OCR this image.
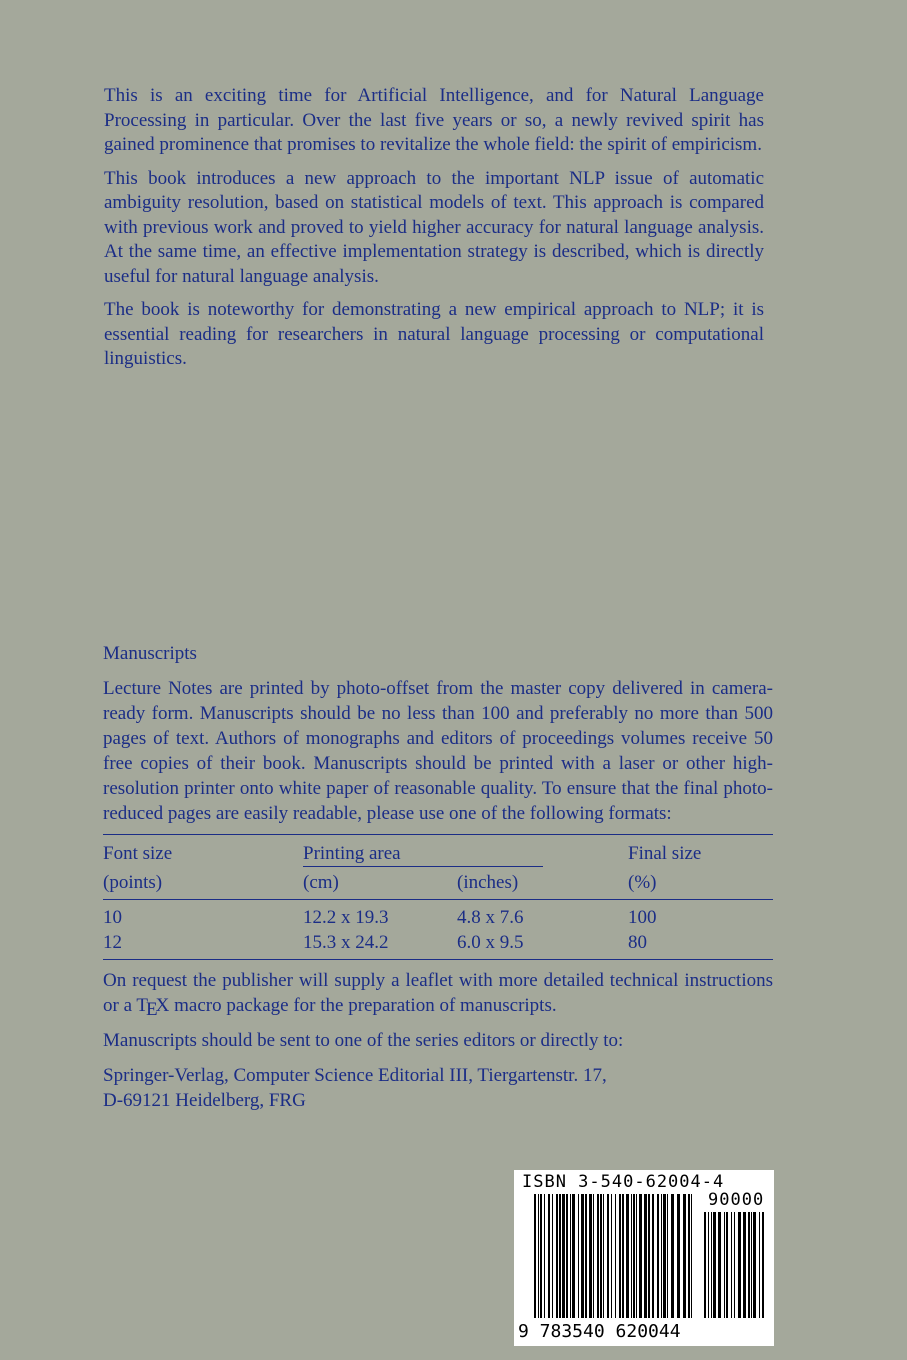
This is an exciting time for Artificial Intelligence, and for Natural Language Processing in particular. Over the last five years or so, a newly revived spirit has gained prominence that promises to revitalize the whole field: the spirit of empiricism.

This book introduces a new approach to the important NLP issue of automatic ambiguity resolution, based on statistical models of text. This approach is compared with previous work and proved to yield higher accuracy for natural language analysis. At the same time, an effective implementation strategy is described, which is directly useful for natural language analysis.

The book is noteworthy for demonstrating a new empirical approach to NLP; it is essential reading for researchers in natural language processing or computational linguistics.

Manuscripts

Lecture Notes are printed by photo-offset from the master copy delivered in camera-ready form. Manuscripts should be no less than 100 and preferably no more than 500 pages of text. Authors of monographs and editors of proceedings volumes receive 50 free copies of their book. Manuscripts should be printed with a laser or other high-resolution printer onto white paper of reasonable quality. To ensure that the final photo-reduced pages are easily readable, please use one of the following formats:

Font size	Printing area		Final size
(points)	(cm)	(inches)	(%)
10	12.2 x 19.3	4.8 x 7.6	100
12	15.3 x 24.2	6.0 x 9.5	80

On request the publisher will supply a leaflet with more detailed technical instructions or a TEX macro package for the preparation of manuscripts.

Manuscripts should be sent to one of the series editors or directly to:

Springer-Verlag, Computer Science Editorial III, Tiergartenstr. 17,

D-69121 Heidelberg, FRG

ISBN 3-540-62004-4
90000
9 783540 620044
